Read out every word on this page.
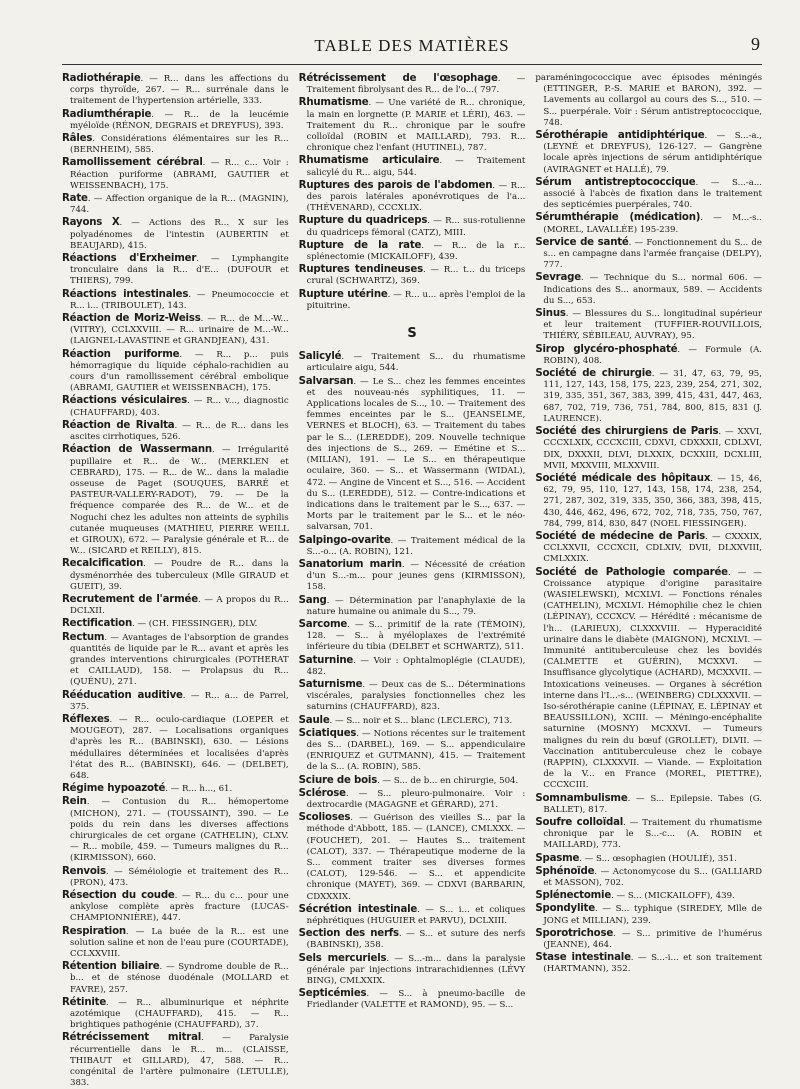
TABLE DES MATIÈRES	9

Radiothérapie. — R... dans les affections du corps thyroïde, 267. — R... surrénale dans le traitement de l'hypertension artérielle, 333.

Radiumthérapie. — R... de la leucémie myéloïde (RÉNON, DEGRAIS et DREYFUS), 393.

Râles. Considérations élémentaires sur les R... (BERNHEIM), 585.

Ramollissement cérébral. — R... c... Voir : Réaction puriforme (ABRAMI, GAUTIER et WEISSENBACH), 175.

Rate. — Affection organique de la R... (MAGNIN), 744.

Rayons X. — Actions des R... X sur les polyadénomes de l'intestin (AUBERTIN et BEAUJARD), 415.

Réactions d'Erxheimer. — Lymphangite tronculaire dans la R... d'E... (DUFOUR et THIERS), 799.

Réactions intestinales. — Pneumococcie et R... i... (TRIBOULET), 143.

Réaction de Moriz-Weiss. — R... de M...-W... (VITRY), CCLXXVIII. — R... urinaire de M...-W... (LAIGNEL-LAVASTINE et GRANDJEAN), 431.

Réaction puriforme. — R... p... puis hémorragique du liquide céphalo-rachidien au cours d'un ramollissement cérébral embolique (ABRAMI, GAUTIER et WEISSENBACH), 175.

Réactions vésiculaires. — R... v..., diagnostic (CHAUFFARD), 403.

Réaction de Rivalta. — R... de R... dans les ascites cirrhotiques, 526.

Réaction de Wassermann. — Irrégularité pupillaire et R... de W... (MERKLEN et CEBRARD), 175. — R... de W... dans la maladie osseuse de Paget (SOUQUES, BARRÉ et PASTEUR-VALLERY-RADOT), 79. — De la fréquence comparée des R... de W... et de Noguchi chez les adultes non atteints de syphilis cutanée muqueuses (MATHIEU, PIERRE WEILL et GIROUX), 672. — Paralysie générale et R... de W... (SICARD et REILLY), 815.

Recalcification. — Poudre de R... dans la dysménorrhée des tuberculeux (Mlle GIRAUD et GUEIT), 39.

Recrutement de l'armée. — A propos du R... DCLXII.

Rectification. — (CH. FIESSINGER), DLV.

Rectum. — Avantages de l'absorption de grandes quantités de liquide par le R... avant et après les grandes interventions chirurgicales (POTHERAT et CAILLAUD), 158. — Prolapsus du R... (QUÉNU), 271.

Rééducation auditive. — R... a... de Parrel, 375.

Réflexes. — R... oculo-cardiaque (LOEPER et MOUGEOT), 287. — Localisations organiques d'après les R... (BABINSKI), 630. — Lésions médullaires déterminées et localisées d'après l'état des R... (BABINSKI), 646. — (DELBET), 648.

Régime hypoazoté. — R... h..., 61.

Rein. — Contusion du R... hémopertome (MICHON), 271. — (TOUSSAINT), 390. — Le poids du rein dans les diverses affections chirurgicales de cet organe (CATHELIN), CLXV. — R... mobile, 459. — Tumeurs malignes du R... (KIRMISSON), 660.

Renvois. — Séméiologie et traitement des R... (PRON), 473.

Résection du coude. — R... du c... pour une ankylose complète après fracture (LUCAS-CHAMPIONNIÈRE), 447.

Respiration. — La buée de la R... est une solution saline et non de l'eau pure (COURTADE), CCLXXVIII.

Rétention biliaire. — Syndrome double de R... b... et de sténose duodénale (MOLLARD et FAVRE), 257.

Rétinite. — R... albuminurique et néphrite azotémique (CHAUFFARD), 415. — R... brightiques pathogénie (CHAUFFARD), 37.

Rétrécissement mitral. — Paralysie récurrentielle dans le R... m... (CLAISSE, THIBAUT et GILLARD), 47, 588. — R... congénital de l'artère pulmonaire (LETULLE), 383.

Rétrécissement de l'œsophage. — Traitement fibrolysant des R... de l'o...( 797.

Rhumatisme. — Une variété de R... chronique, la main en lorgnette (P. MARIE et LÉRI), 463. — Traitement du R... chronique par le soufre colloïdal (ROBIN et MAILLARD), 793. R... chronique chez l'enfant (HUTINEL), 787.

Rhumatisme articulaire. — Traitement salicylé du R... aigu, 544.

Ruptures des parois de l'abdomen. — R... des parois latérales aponévrotiques de l'a... (THÉVENARD), CCCXLIX.

Rupture du quadriceps. — R... sus-rotulienne du quadriceps fémoral (CATZ), MIII.

Rupture de la rate. — R... de la r... splénectomie (MICKAILOFF), 439.

Ruptures tendineuses. — R... t... du triceps crural (SCHWARTZ), 369.

Rupture utérine. — R... u... après l'emploi de la pituitrine.

S

Salicylé. — Traitement S... du rhumatisme articulaire aigu, 544.

Salvarsan. — Le S... chez les femmes enceintes et des nouveau-nés syphilitiques, 11. — Applications locales de S..., 10. — Traitement des femmes enceintes par le S... (JEANSELME, VERNES et BLOCH), 63. — Traitement du tabes par le S... (LEREDDE), 209. Nouvelle technique des injections de S.., 269. — Emétine et S... (MILIAN), 191. — Le S... en thérapeutique oculaire, 360. — S... et Wassermann (WIDAL), 472. — Angine de Vincent et S..., 516. — Accident du S... (LEREDDE), 512. — Contre-indications et indications dans le traitement par le S..., 637. — Morts par le traitement par le S... et le néo-salvarsan, 701.

Salpingo-ovarite. — Traitement médical de la S...-o... (A. ROBIN), 121.

Sanatorium marin. — Nécessité de création d'un S...-m... pour jeunes gens (KIRMISSON), 158.

Sang. — Détermination par l'anaphylaxie de la nature humaine ou animale du S..., 79.

Sarcome. — S... primitif de la rate (TÉMOIN), 128. — S... à myéloplaxes de l'extrémité inférieure du tibia (DELBET et SCHWARTZ), 511.

Saturnine. — Voir : Ophtalmoplégie (CLAUDE), 482.

Saturnisme. — Deux cas de S... Déterminations viscérales, paralysies fonctionnelles chez les saturnins (CHAUFFARD), 823.

Saule. — S... noir et S... blanc (LECLERC), 713.

Sciatiques. — Notions récentes sur le traitement des S... (DARBEL), 169. — S... appendiculaire (ENRIQUEZ et GUTMANN), 415. — Traitement de la S... (A. ROBIN), 585.

Sciure de bois. — S... de b... en chirurgie, 504.

Sclérose. — S... pleuro-pulmonaire. Voir : dextrocardie (MAGAGNE et GÉRARD), 271.

Scolioses. — Guérison des vieilles S... par la méthode d'Abbott, 185. — (LANCE), CMLXXX. — (FOUCHET), 201. — Hautes S... traitement (CALOT), 337. — Thérapeutique moderne de la S... comment traiter ses diverses formes (CALOT), 129-546. — S... et appendicite chronique (MAYET), 369. — CDXVI (BARBARIN, CDXXXIX.

Sécrétion intestinale. — S... i... et coliques néphrétiques (HUGUIER et PARVU), DCLXIII.

Section des nerfs. — S... et suture des nerfs (BABINSKI), 358.

Sels mercuriels. — S...-m... dans la paralysie générale par injections intrarachidiennes (LÉVY BING), CMLXXIX.

Septicémies. — S... à pneumo-bacille de Friedlander (VALETTE et RAMOND), 95. — S...

paraméningococcique avec épisodes méningés (ETTINGER, P.-S. MARIE et BARON), 392. — Lavements au collargol au cours des S..., 510. — S... puerpérale. Voir : Sérum antistreptococcique, 748.

Sérothérapie antidiphtérique. — S...-a., (LEYNÉ et DREYFUS), 126-127. — Gangrène locale après injections de sérum antidiphtérique (AVIRAGNET et HALLÉ), 79.

Sérum antistreptococcique. — S...-a... associé à l'abcès de fixation dans le traitement des septicémies puerpérales, 740.

Sérumthérapie (médication). — M...-s.. (MOREL, LAVALLÉE) 195-239.

Service de santé. — Fonctionnement du S... de s... en campagne dans l'armée française (DELPY), 777.

Sevrage. — Technique du S... normal 606. — Indications des S... anormaux, 589. — Accidents du S..., 653.

Sinus. — Blessures du S... longitudinal supérieur et leur traitement (TUFFIER-ROUVILLOIS, THIÉRY, SÉBILEAU, AUVRAY), 95.

Sirop glycéro-phosphaté. — Formule (A. ROBIN), 408.

Société de chirurgie. — 31, 47, 63, 79, 95, 111, 127, 143, 158, 175, 223, 239, 254, 271, 302, 319, 335, 351, 367, 383, 399, 415, 431, 447, 463, 687, 702, 719, 736, 751, 784, 800, 815, 831 (J. LAURENCE).

Société des chirurgiens de Paris. — XXVI, CCCXLXIX, CCCXCIII, CDXVI, CDXXXII, CDLXVI, DIX, DXXXII, DLVI, DLXXIX, DCXXIII, DCXLIII, MVII, MXXVIII, MLXXVIII.

Société médicale des hôpitaux. — 15, 46, 62, 79, 95, 110, 127, 143, 158, 174, 238, 254, 271, 287, 302, 319, 335, 350, 366, 383, 398, 415, 430, 446, 462, 496, 672, 702, 718, 735, 750, 767, 784, 799, 814, 830, 847 (NOEL FIESSINGER).

Société de médecine de Paris. — CXXXIX, CCLXXVII, CCCXCII, CDLXIV, DVII, DLXXVIII, CMLXXIX.

Société de Pathologie comparée. — — Croissance atypique d'origine parasitaire (WASIELEWSKI), MCXLVI. — Fonctions rénales (CATHELIN), MCXLVI. Hémophilie chez le chien (LÉPINAY), CCCXCV. — Hérédité : mécanisme de l'h... (LARIEUX), CLXXXVIII. — Hyperacidité urinaire dans le diabète (MAIGNON), MCXLVI. — Immunité antituberculeuse chez les bovidés (CALMETTE et GUÉRIN), MCXXVI. — Insuffisance glycolytique (ACHARD), MCXXVII. — Intoxications veineuses. — Organes à sécrétion interne dans l'I...-s... (WEINBERG) CDLXXXVII. — Iso-sérothérapie canine (LÉPINAY, E. LÉPINAY et BEAUSSILLON), XCIII. — Méningo-encéphalite saturnine (MOSNY) MCXXVI. — Tumeurs malignes du rein du bœuf (GROLLET), DLVII. — Vaccination antituberculeuse chez le cobaye (RAPPIN), CLXXXVII. — Viande. — Exploitation de la V... en France (MOREL, PIETTRE), CCCXCIII.

Somnambulisme. — S... Epilepsie. Tabes (G. BALLET), 817.

Soufre colloïdal. — Traitement du rhumatisme chronique par le S...-c... (A. ROBIN et MAILLARD), 773.

Spasme. — S... œsophagien (HOULIÉ), 351.

Sphénoïde. — Actonomycose du S... (GALLIARD et MASSON), 702.

Splénectomie. — S... (MICKAILOFF), 439.

Spondylite. — S... typhique (SIREDEY, Mlle de JONG et MILLIAN), 239.

Sporotrichose. — S... primitive de l'humérus (JEANNE), 464.

Stase intestinale. — S...-i... et son traitement (HARTMANN), 352.
